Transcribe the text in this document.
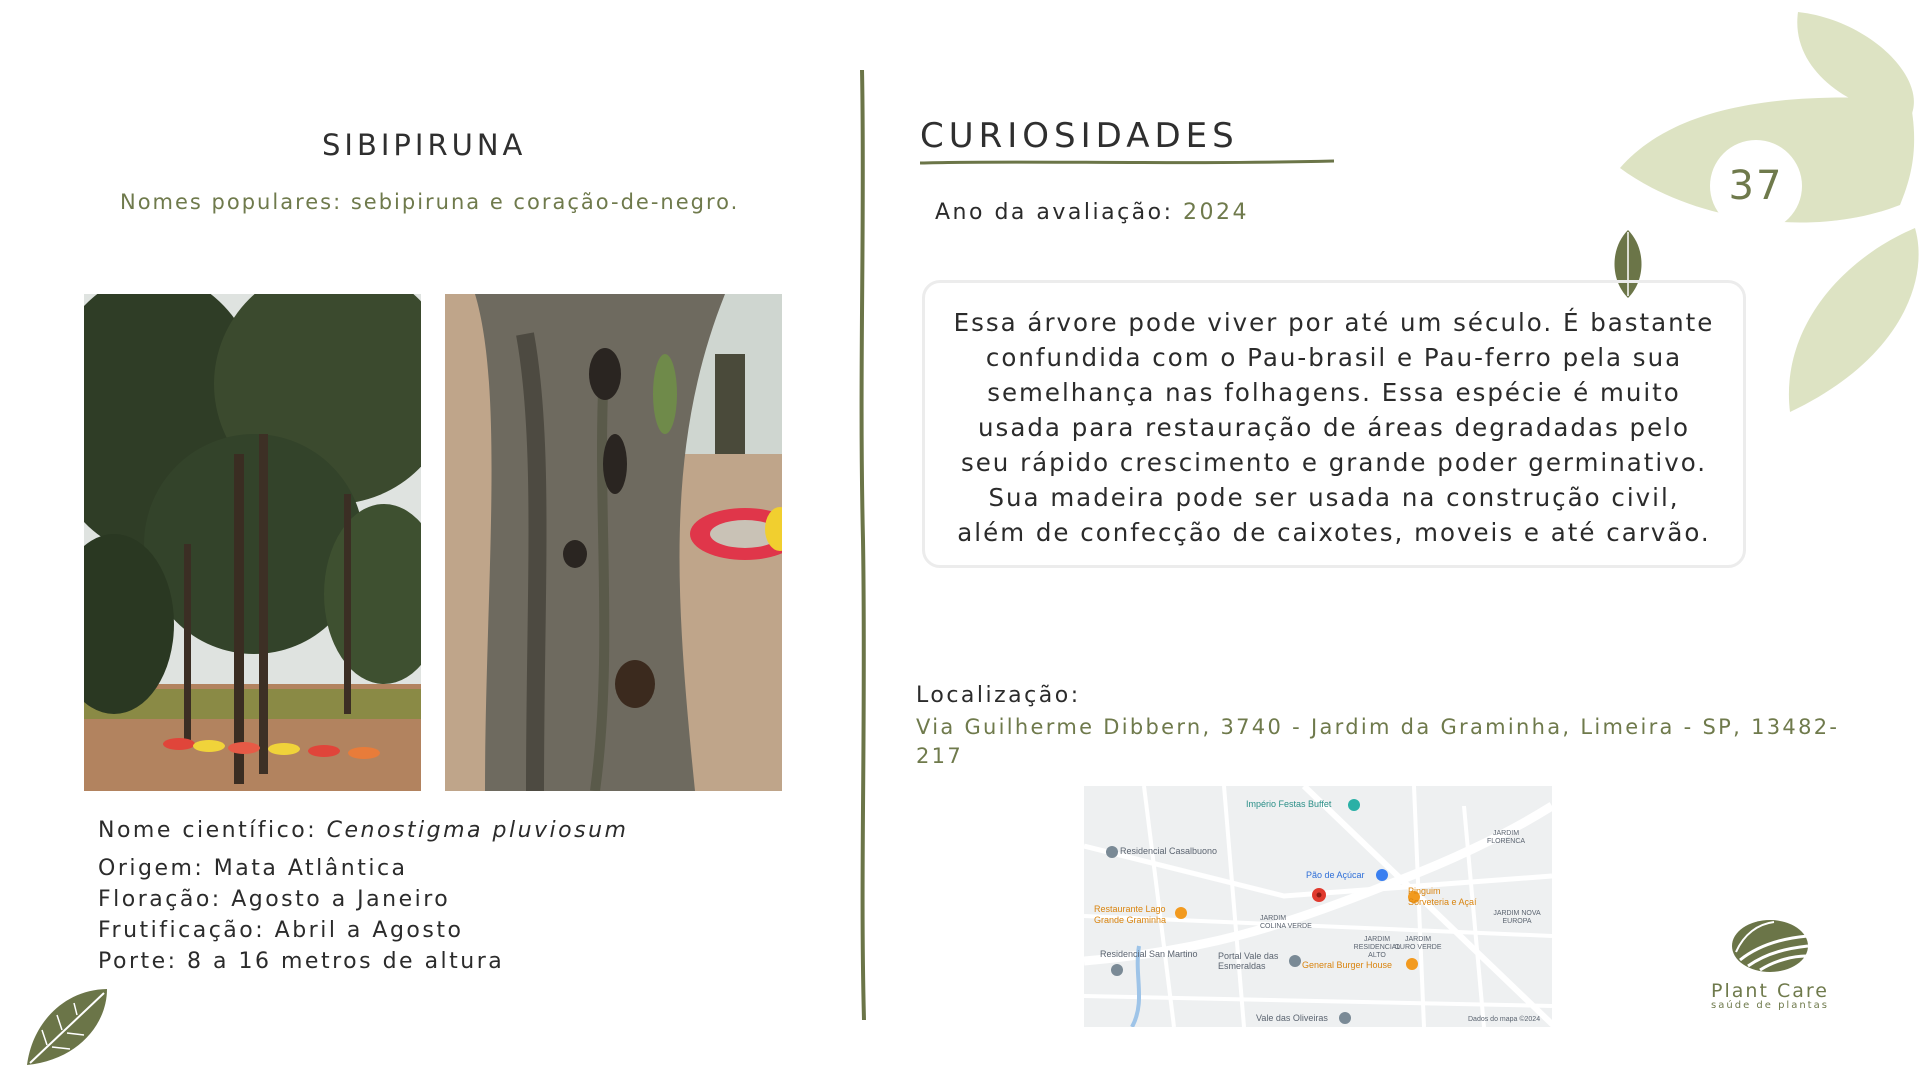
37
SIBIPIRUNA
Nomes populares: sebipiruna e coração-de-negro.
Nome científico: Cenostigma pluviosum
Origem: Mata Atlântica
Floração: Agosto a Janeiro
Frutificação: Abril a Agosto
Porte: 8 a 16 metros de altura
CURIOSIDADES
Ano da avaliação: 2024
Essa árvore pode viver por até um século. É bastante
confundida com o Pau-brasil e Pau-ferro pela sua
semelhança nas folhagens. Essa espécie é muito
usada para restauração de áreas degradadas pelo
seu rápido crescimento e grande poder germinativo.
Sua madeira pode ser usada na construção civil,
além de confecção de caixotes, moveis e até carvão.
Localização:
Via Guilherme Dibbern, 3740 - Jardim da Graminha, Limeira - SP, 13482-217
Império Festas Buffet
Residencial Casalbuono
Pão de Açúcar
Pinguim
Sorveteria e Açaí
Restaurante Lago
Grande Graminha	JARDIM COLINA VERDE
JARDIM RESIDENCIAL ALTO
JARDIM OURO VERDE
JARDIM FLORENCA
JARDIM NOVA EUROPA
Residencial San Martino Portal Vale das Esmeraldas	General Burger House
Vale das Oliveiras	Dados do mapa ©2024
Plant Care
saúde de plantas
